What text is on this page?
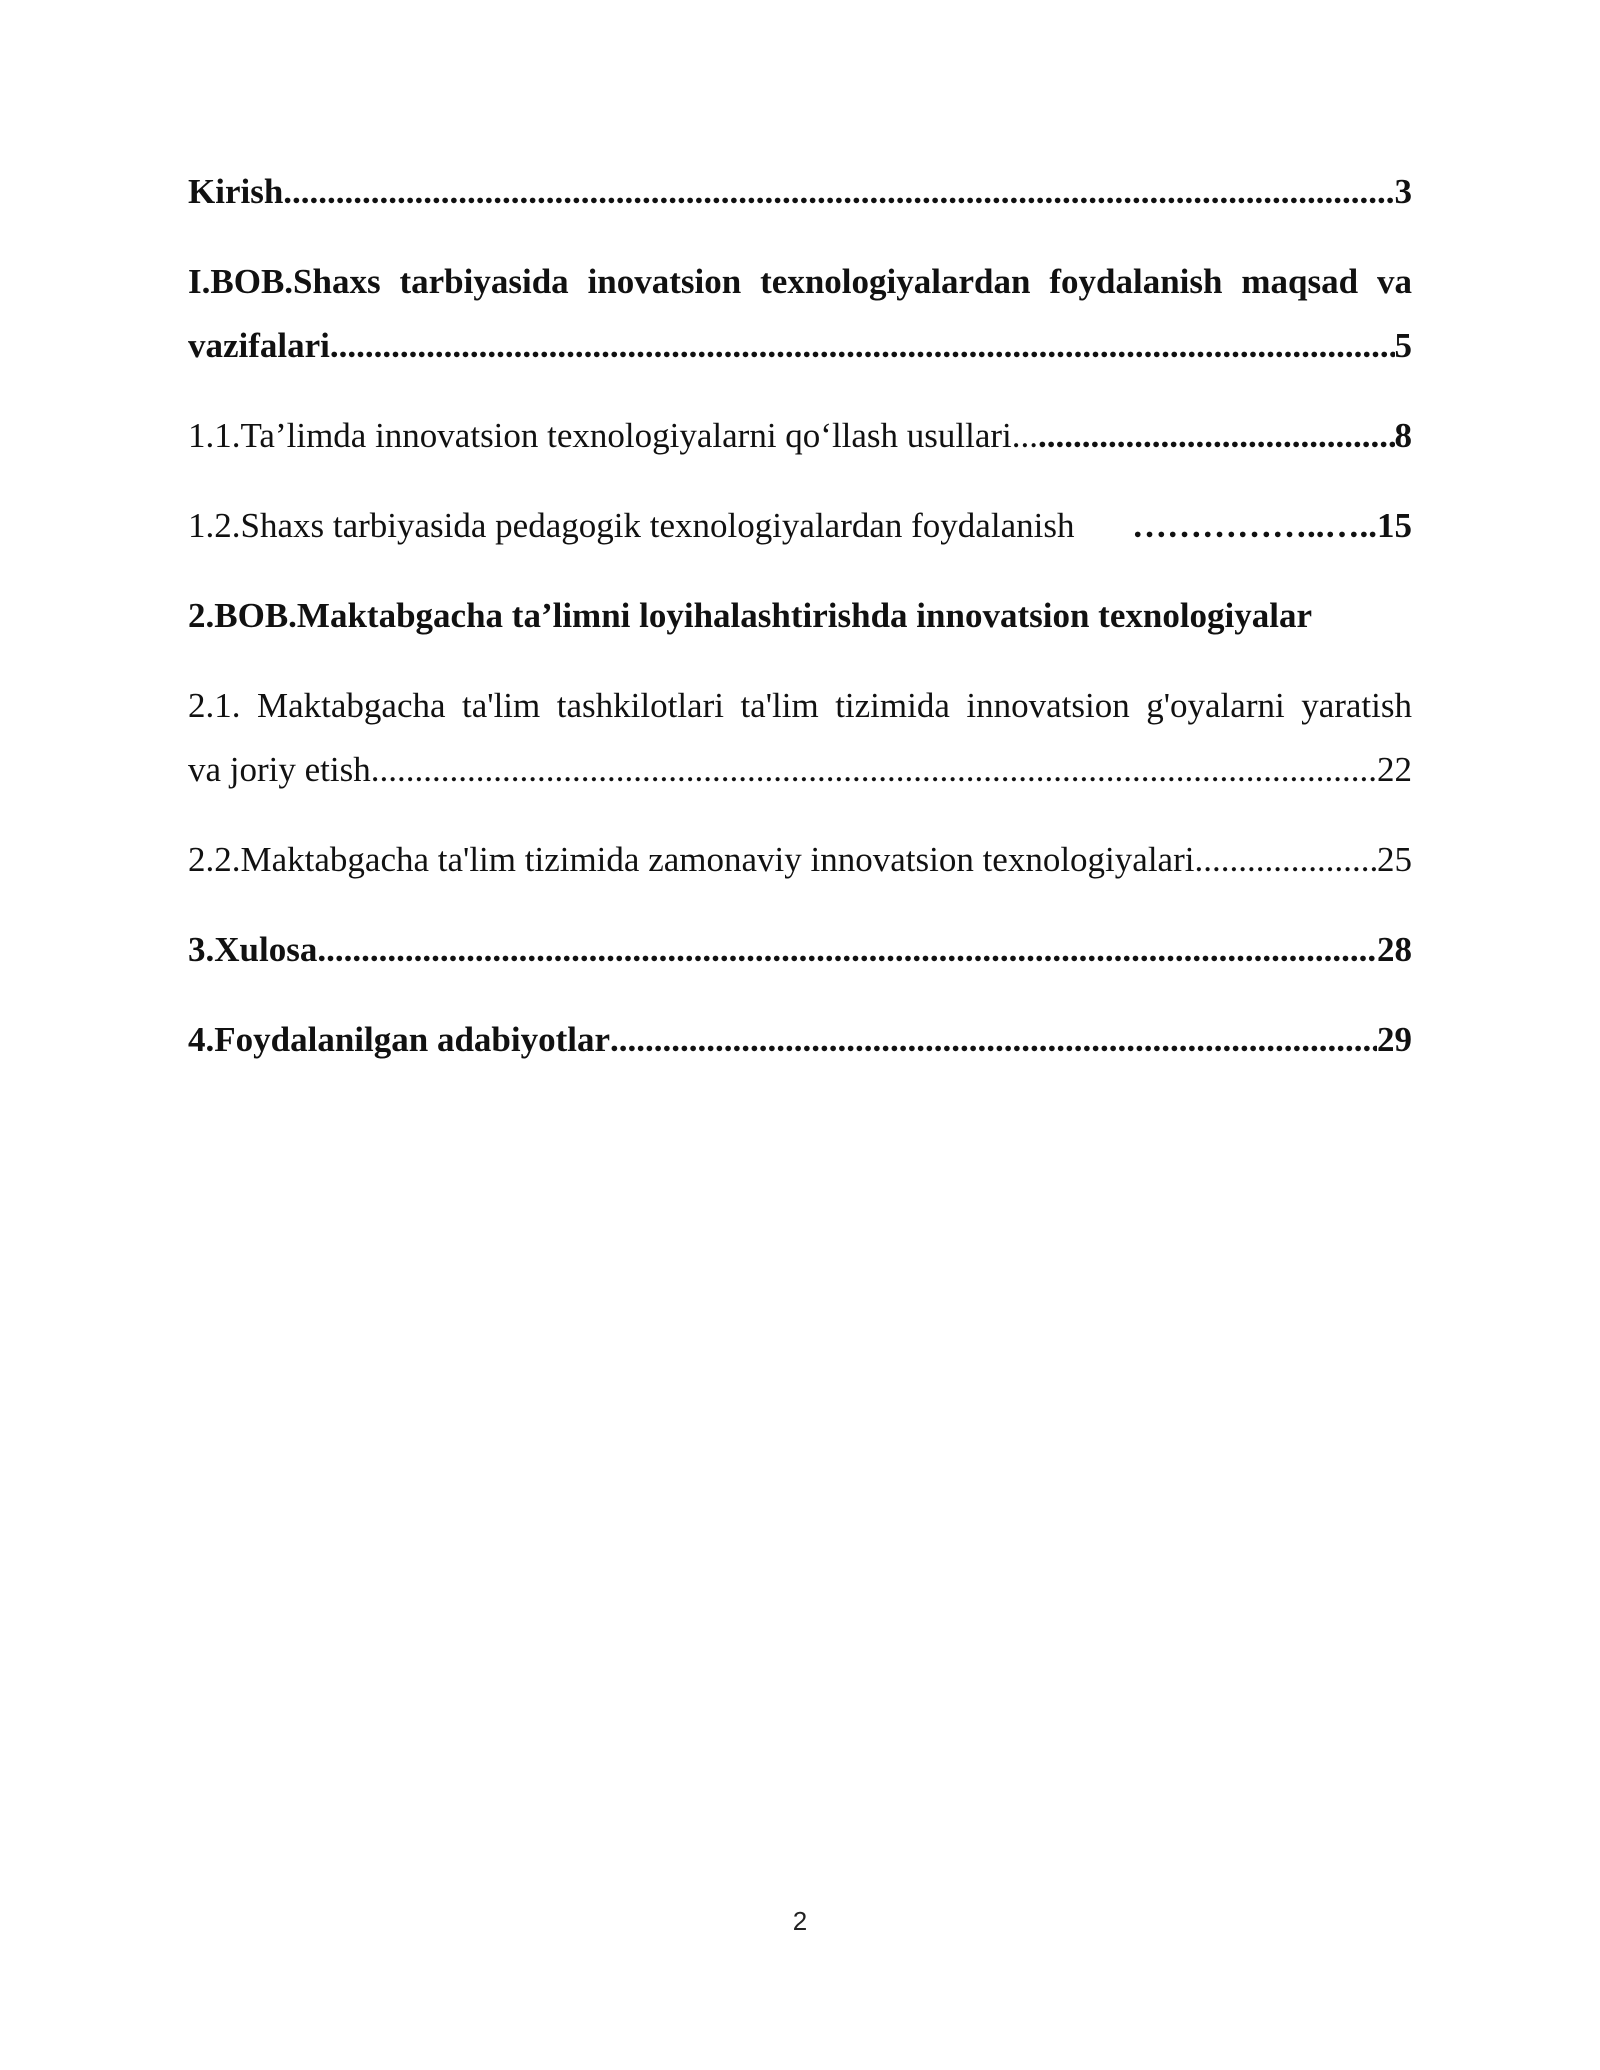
Kirish .....	3
I.BOB.Shaxs tarbiyasida inovatsion texnologiyalardan foydalanish maqsad va
vazifalari .....	5
1.1.Ta’limda innovatsion texnologiyalarni qo‘llash usullari... .....	8
1.2.Shaxs tarbiyasida pedagogik texnologiyalardan foydalanish	……………..… ..15
2.BOB.Maktabgacha ta’limni loyihalashtirishda innovatsion texnologiyalar
2.1. Maktabgacha ta'lim tashkilotlari ta'lim tizimida innovatsion g'oyalarni yaratish
va joriy etish .....	22
2.2.Maktabgacha ta'lim tizimida zamonaviy innovatsion texnologiyalari .....	25
3.Xulosa .....	28
4.Foydalanilgan adabiyotlar .....	29
2
